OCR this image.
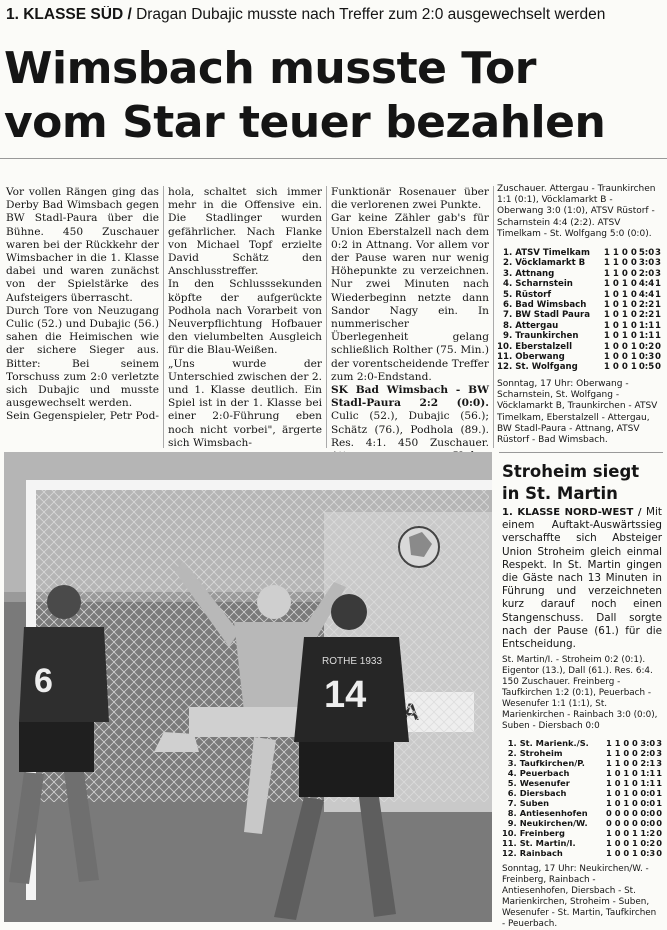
1. KLASSE SÜD / Dragan Dubajic musste nach Treffer zum 2:0 ausgewechselt werden
Wimsbach musste Tor
vom Star teuer bezahlen

Vor vollen Rängen ging das Derby Bad Wimsbach gegen BW Stadl-Paura über die Bühne. 450 Zuschauer waren bei der Rückkehr der Wimsbacher in die 1. Klasse dabei und waren zunächst von der Spielstärke des Aufsteigers überrascht.

Durch Tore von Neuzugang Culic (52.) und Dubajic (56.) sahen die Heimischen wie der sichere Sieger aus. Bitter: Bei seinem Torschuss zum 2:0 verletzte sich Dubajic und musste ausgewechselt werden.

Sein Gegenspieler, Petr Pod-

hola, schaltet sich immer mehr in die Offensive ein. Die Stadlinger wurden gefährlicher. Nach Flanke von Michael Topf erzielte David Schätz den Anschlusstreffer.

In den Schlusssekunden köpfte der aufgerückte Podhola nach Vorarbeit von Neuverpflichtung Hofbauer den vielumbelten Ausgleich für die Blau-Weißen.

„Uns wurde der Unterschied zwischen der 2. und 1. Klasse deutlich. Ein Spiel ist in der 1. Klasse bei einer 2:0-Führung eben noch nicht vorbei", ärgerte sich Wimsbach-

Funktionär Rosenauer über die verlorenen zwei Punkte.

Gar keine Zähler gab's für Union Eberstalzell nach dem 0:2 in Attnang. Vor allem vor der Pause waren nur wenig Höhepunkte zu verzeichnen. Nur zwei Minuten nach Wiederbeginn netzte dann Sandor Nagy ein. In nummerischer Überlegenheit gelang schließlich Rolther (75. Min.) der vorentscheidende Treffer zum 2:0-Endstand.

SK Bad Wimsbach - BW Stadl-Paura 2:2 (0:0). Culic (52.), Dubajic (56.); Schätz (76.), Podhola (89.). Res. 4:1. 450 Zuschauer.

Zuschauer. Attergau - Traunkirchen 1:1 (0:1), Vöcklamarkt B - Oberwang 3:0 (1:0), ATSV Rüstorf - Scharnstein 4:4 (2:2). ATSV Timelkam - St. Wolfgang 5:0 (0:0).

1.	ATSV Timelkam	1 1 0 0	5:0	3
2.	Vöcklamarkt B	1 1 0 0	3:0	3
3.	Attnang	1 1 0 0	2:0	3
4.	Scharnstein	1 0 1 0	4:4	1
5.	Rüstorf	1 0 1 0	4:4	1
6.	Bad Wimsbach	1 0 1 0	2:2	1
7.	BW Stadl Paura	1 0 1 0	2:2	1
8.	Attergau	1 0 1 0	1:1	1
9.	Traunkirchen	1 0 1 0	1:1	1
10.	Eberstalzell	1 0 0 1	0:2	0
11.	Oberwang	1 0 0 1	0:3	0
12.	St. Wolfgang	1 0 0 1	0:5	0

Sonntag, 17 Uhr: Oberwang - Scharnstein, St. Wolfgang - Vöcklamarkt B, Traunkirchen - ATSV Timelkam, Eberstalzell - Attergau, BW Stadl-Paura - Attnang, ATSV Rüstorf - Bad Wimsbach.

6
ROTHE 1933
14
Stroheim siegt
in St. Martin

1. KLASSE NORD-WEST / Mit einem Auftakt-Auswärtssieg verschaffte sich Absteiger Union Stroheim gleich einmal Respekt. In St. Martin gingen die Gäste nach 13 Minuten in Führung und verzeichneten kurz darauf noch einen Stangenschuss. Dall sorgte nach der Pause (61.) für die Entscheidung.

St. Martin/I. - Stroheim 0:2 (0:1). Eigentor (13.), Dall (61.). Res. 6:4. 150 Zuschauer. Freinberg - Taufkirchen 1:2 (0:1), Peuerbach - Wesenufer 1:1 (1:1), St. Marienkirchen - Rainbach 3:0 (0:0), Suben - Diersbach 0:0

1.	St. Marienk./S.	1 1 0 0	3:0	3
2.	Stroheim	1 1 0 0	2:0	3
3.	Taufkirchen/P.	1 1 0 0	2:1	3
4.	Peuerbach	1 0 1 0	1:1	1
5.	Wesenufer	1 0 1 0	1:1	1
6.	Diersbach	1 0 1 0	0:0	1
7.	Suben	1 0 1 0	0:0	1
8.	Antiesenhofen	0 0 0 0	0:0	0
9.	Neukirchen/W.	0 0 0 0	0:0	0
10.	Freinberg	1 0 0 1	1:2	0
11.	St. Martin/I.	1 0 0 1	0:2	0
12.	Rainbach	1 0 0 1	0:3	0

Sonntag, 17 Uhr: Neukirchen/W. - Freinberg, Rainbach - Antiesenhofen, Diersbach - St. Marienkirchen, Stroheim - Suben, Wesenufer - St. Martin, Taufkirchen - Peuerbach.
